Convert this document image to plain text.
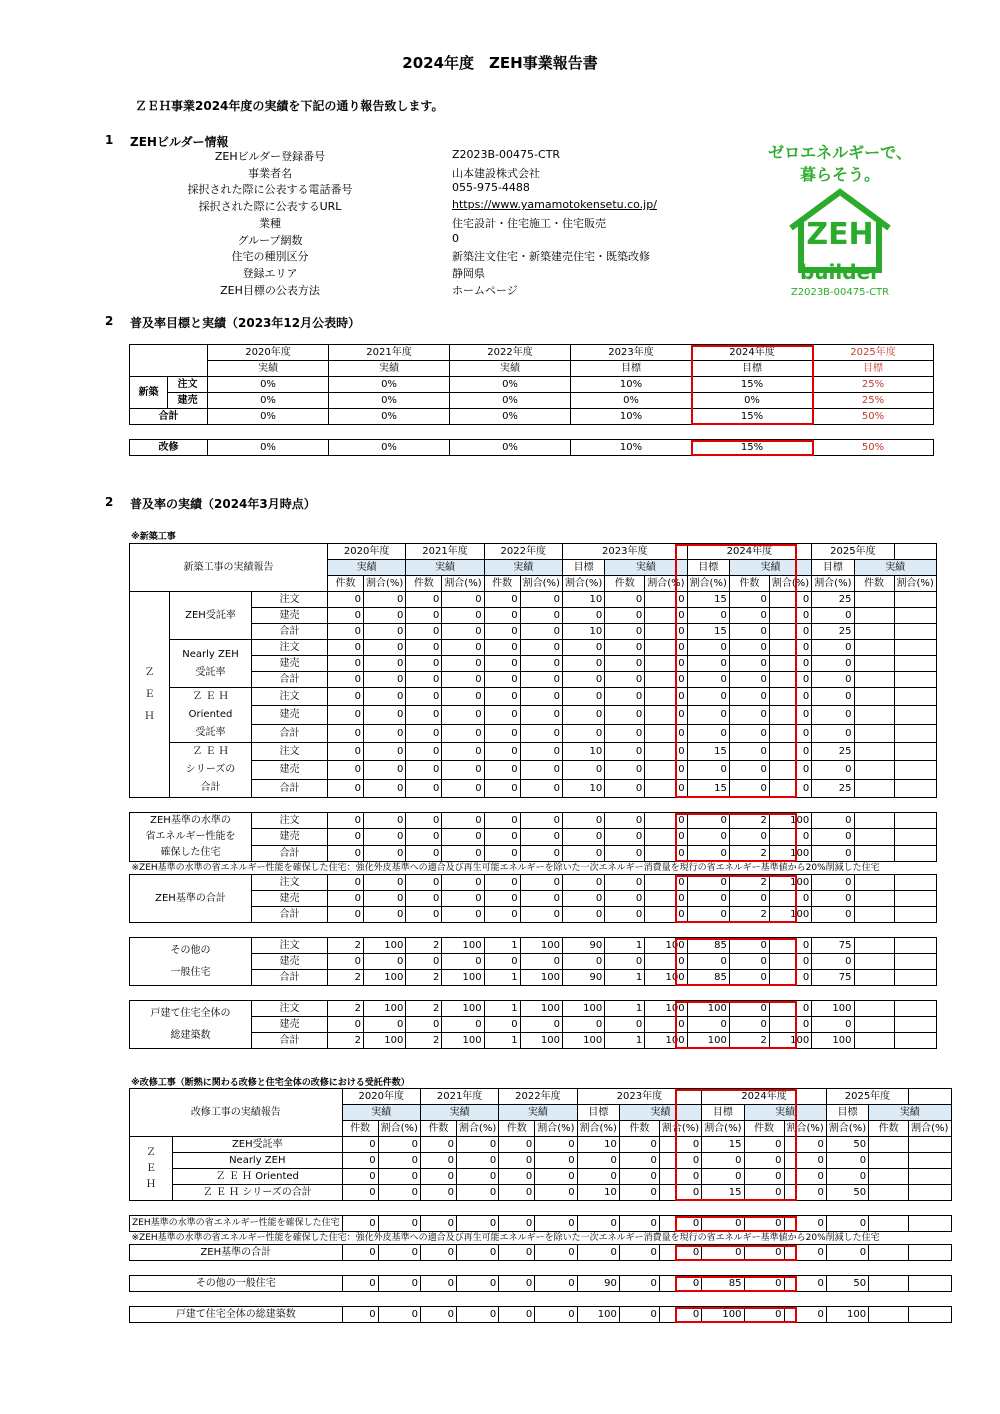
2024年度　ZEH事業報告書
ＺＥＨ事業2024年度の実績を下記の通り報告致します。
1 ZEHビルダー情報
ZEHビルダー登録番号	Z2023B-00475-CTR
事業者名	山本建設株式会社
採択された際に公表する電話番号	055-975-4488
採択された際に公表するURL	https://www.yamamotokensetu.co.jp/
業種	住宅設計・住宅施工・住宅販売
グループ網数	0
住宅の種別区分	新築注文住宅・新築建売住宅・既築改修
登録エリア	静岡県
ZEH目標の公表方法	ホームページ
ゼロエネルギーで、
暮らそう。
ZEH
builder
Z2023B-00475-CTR
2 普及率目標と実績（2023年12月公表時）
		2020年度	2021年度	2022年度	2023年度	2024年度	2025年度
		実績	実績	実績	目標	目標	目標
新築	注文	0%	0%	0%	10%	15%	25%
	建売	0%	0%	0%	0%	0%	25%
合計		0%	0%	0%	10%	15%	50%

改修		0%	0%	0%	10%	15%	50%
2 普及率の実績（2024年3月時点）
※新築工事
新築工事の実績報告			2020年度		2021年度		2022年度		2023年度			2024年度			2025年度		
			実績		実績		実績		目標	実績		目標	実績		目標	実績	
			件数	割合(%)	件数	割合(%)	件数	割合(%)	割合(%)	件数	割合(%)	割合(%)	件数	割合(%)	割合(%)	件数	割合(%)

Ｚ
Ｅ
Ｈ	ZEH受託率	注文	0	0	0	0	0	0	10	0	0	15	0	0	25		
		建売	0	0	0	0	0	0	0	0	0	0	0	0	0		
		合計	0	0	0	0	0	0	10	0	0	15	0	0	25		

	Nearly ZEH
受託率	注文	0	0	0	0	0	0	0	0	0	0	0	0	0		
		建売	0	0	0	0	0	0	0	0	0	0	0	0	0		
		合計	0	0	0	0	0	0	0	0	0	0	0	0	0		

	Ｚ Ｅ Ｈ Oriented
受託率	注文	0	0	0	0	0	0	0	0	0	0	0	0	0		
		建売	0	0	0	0	0	0	0	0	0	0	0	0	0		
		合計	0	0	0	0	0	0	0	0	0	0	0	0	0		

	Ｚ Ｅ Ｈ
シリーズの
合計	注文	0	0	0	0	0	0	10	0	0	15	0	0	25		
		建売	0	0	0	0	0	0	0	0	0	0	0	0	0		
		合計	0	0	0	0	0	0	10	0	0	15	0	0	25		

ZEH基準の水準の
省エネルギー性能を
確保した住宅		注文	0	0	0	0	0	0	0	0	0	0	2	100	0		
		建売	0	0	0	0	0	0	0	0	0	0	0	0	0		
		合計	0	0	0	0	0	0	0	0	0	0	2	100	0		
※ZEH基準の水準の省エネルギー性能を確保した住宅：強化外皮基準への適合及び再生可能エネルギーを除いた一次エネルギー消費量を現行の省エネルギー基準値から20%削減した住宅																	

ZEH基準の合計		注文	0	0	0	0	0	0	0	0	0	0	2	100	0		
		建売	0	0	0	0	0	0	0	0	0	0	0	0	0		
		合計	0	0	0	0	0	0	0	0	0	0	2	100	0		

その他の
一般住宅		注文	2	100	2	100	1	100	90	1	100	85	0	0	75		
		建売	0	0	0	0	0	0	0	0	0	0	0	0	0		
		合計	2	100	2	100	1	100	90	1	100	85	0	0	75		

戸建て住宅全体の
総建築数		注文	2	100	2	100	1	100	100	1	100	100	0	0	100		
		建売	0	0	0	0	0	0	0	0	0	0	0	0	0		
		合計	2	100	2	100	1	100	100	1	100	100	2	100	100		
※改修工事（断熱に関わる改修と住宅全体の改修における受託件数）
改修工事の実績報告		2020年度		2021年度		2022年度		2023年度			2024年度			2025年度		
		実績		実績		実績		目標	実績		目標	実績		目標	実績	
		件数	割合(%)	件数	割合(%)	件数	割合(%)	割合(%)	件数	割合(%)	割合(%)	件数	割合(%)	割合(%)	件数	割合(%)

Ｚ
Ｅ
Ｈ	ZEH受託率	0	0	0	0	0	0	10	0	0	15	0	0	50		
	Nearly ZEH	0	0	0	0	0	0	0	0	0	0	0	0	0		
	Ｚ Ｅ Ｈ Oriented	0	0	0	0	0	0	0	0	0	0	0	0	0		
	Ｚ Ｅ Ｈ シリーズの合計	0	0	0	0	0	0	10	0	0	15	0	0	50		

ZEH基準の水準の省エネルギー性能を確保した住宅		0	0	0	0	0	0	0	0	0	0	0	0	0		
※ZEH基準の水準の省エネルギー性能を確保した住宅：強化外皮基準への適合及び再生可能エネルギーを除いた一次エネルギー消費量を現行の省エネルギー基準値から20%削減した住宅																
ZEH基準の合計		0	0	0	0	0	0	0	0	0	0	0	0	0		

その他の一般住宅		0	0	0	0	0	0	90	0	0	85	0	0	50		

戸建て住宅全体の総建築数		0	0	0	0	0	0	100	0	0	100	0	0	100		
